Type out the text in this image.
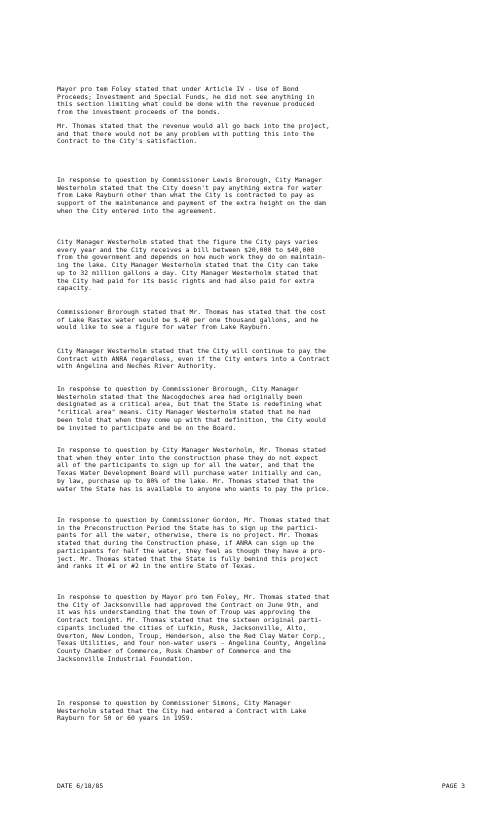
Mayor pro tem Foley stated that under Article IV - Use of Bond
Proceeds; Investment and Special Funds, he did not see anything in
this section limiting what could be done with the revenue produced
from the investment proceeds of the bonds.

Mr. Thomas stated that the revenue would all go back into the project,
and that there would not be any problem with putting this into the
Contract to the City's satisfaction.

In response to question by Commissioner Lewis Brorough, City Manager
Westerholm stated that the City doesn't pay anything extra for water
from Lake Rayburn other than what the City is contracted to pay as
support of the maintenance and payment of the extra height on the dam
when the City entered into the agreement.

City Manager Westerholm stated that the figure the City pays varies
every year and the City receives a bill between $20,000 to $40,000
from the government and depends on how much work they do on maintain-
ing the lake. City Manager Westerholm stated that the City can take
up to 32 million gallons a day. City Manager Westerholm stated that
the City had paid for its basic rights and had also paid for extra
capacity.

Commissioner Brorough stated that Mr. Thomas has stated that the cost
of Lake Rastex water would be $.40 per one thousand gallons, and he
would like to see a figure for water from Lake Rayburn.

City Manager Westerholm stated that the City will continue to pay the
Contract with ANRA regardless, even if the City enters into a Contract
with Angelina and Neches River Authority.

In response to question by Commissioner Brorough, City Manager
Westerholm stated that the Nacogdoches area had originally been
designated as a critical area, but that the State is redefining what
"critical area" means. City Manager Westerholm stated that he had
been told that when they come up with that definition, the City would
be invited to participate and be on the Board.

In response to question by City Manager Westerholm, Mr. Thomas stated
that when they enter into the construction phase they do not expect
all of the participants to sign up for all the water, and that the
Texas Water Development Board will purchase water initially and can,
by law, purchase up to 80% of the lake. Mr. Thomas stated that the
water the State has is available to anyone who wants to pay the price.

In response to question by Commissioner Gordon, Mr. Thomas stated that
in the Preconstruction Period the State has to sign up the partici-
pants for all the water, otherwise, there is no project. Mr. Thomas
stated that during the Construction phase, if ANRA can sign up the
participants for half the water, they feel as though they have a pro-
ject. Mr. Thomas stated that the State is fully behind this project
and ranks it #1 or #2 in the entire State of Texas.

In response to question by Mayor pro tem Foley, Mr. Thomas stated that
the City of Jacksonville had approved the Contract on June 9th, and
it was his understanding that the town of Troup was approving the
Contract tonight. Mr. Thomas stated that the sixteen original parti-
cipants included the cities of Lufkin, Rusk, Jacksonville, Alto,
Overton, New London, Troup, Henderson, also the Red Clay Water Corp.,
Texas Utilities, and four non-water users - Angelina County, Angelina
County Chamber of Commerce, Rusk Chamber of Commerce and the
Jacksonville Industrial Foundation.

In response to question by Commissioner Simons, City Manager
Westerholm stated that the City had entered a Contract with Lake
Rayburn for 50 or 60 years in 1959.

DATE 6/18/85

	PAGE 3
